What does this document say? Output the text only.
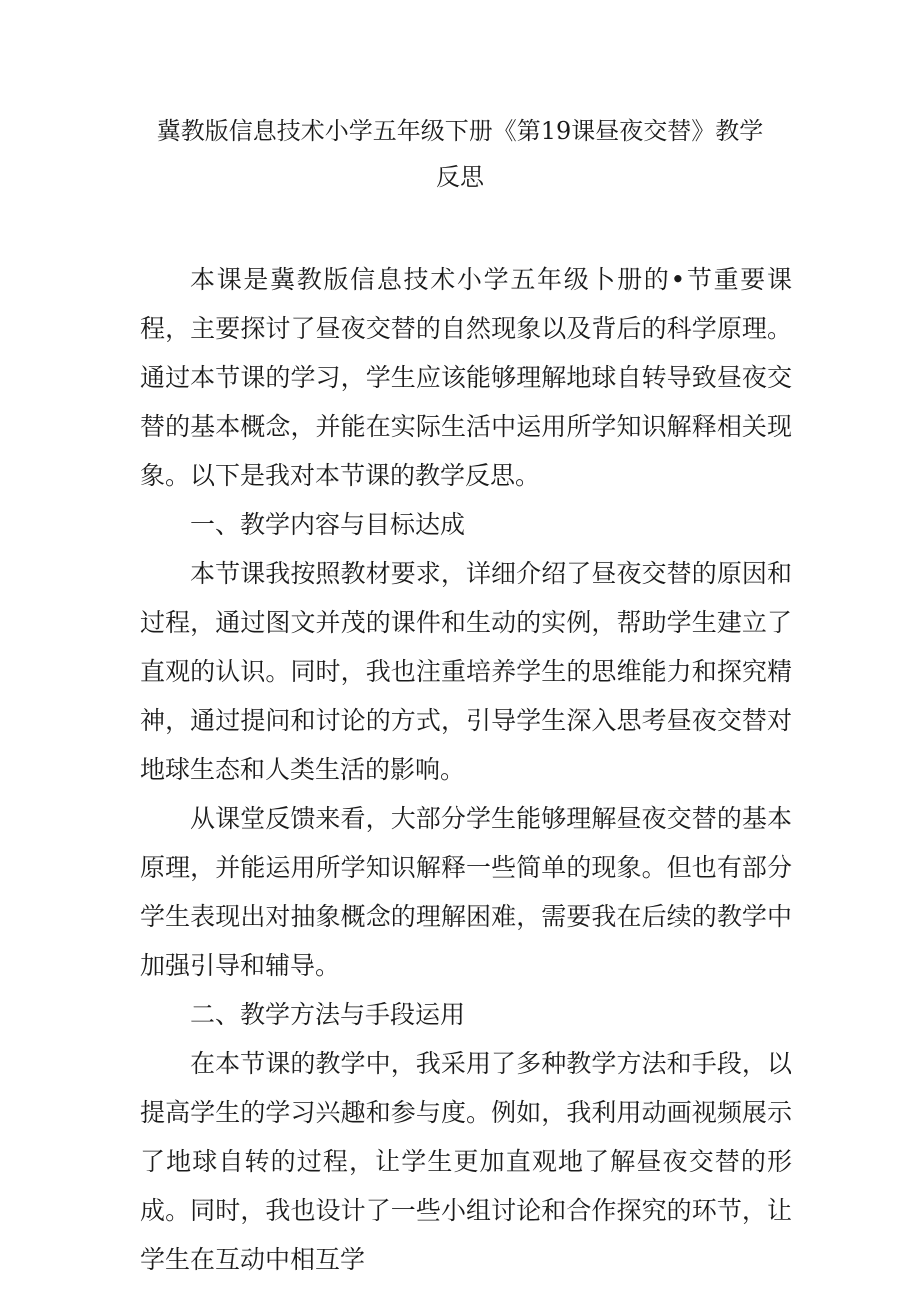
冀教版信息技术小学五年级下册《第19课昼夜交替》教学
反思

本课是冀教版信息技术小学五年级卜册的•节重要课程，主要探讨了昼夜交替的自然现象以及背后的科学原理。通过本节课的学习，学生应该能够理解地球自转导致昼夜交替的基本概念，并能在实际生活中运用所学知识解释相关现象。以下是我对本节课的教学反思。

一、教学内容与目标达成

本节课我按照教材要求，详细介绍了昼夜交替的原因和过程，通过图文并茂的课件和生动的实例，帮助学生建立了直观的认识。同时，我也注重培养学生的思维能力和探究精神，通过提问和讨论的方式，引导学生深入思考昼夜交替对地球生态和人类生活的影响。

从课堂反馈来看，大部分学生能够理解昼夜交替的基本原理，并能运用所学知识解释一些简单的现象。但也有部分学生表现出对抽象概念的理解困难，需要我在后续的教学中加强引导和辅导。

二、教学方法与手段运用

在本节课的教学中，我采用了多种教学方法和手段，以提高学生的学习兴趣和参与度。例如，我利用动画视频展示了地球自转的过程，让学生更加直观地了解昼夜交替的形成。同时，我也设计了一些小组讨论和合作探究的环节，让学生在互动中相互学
